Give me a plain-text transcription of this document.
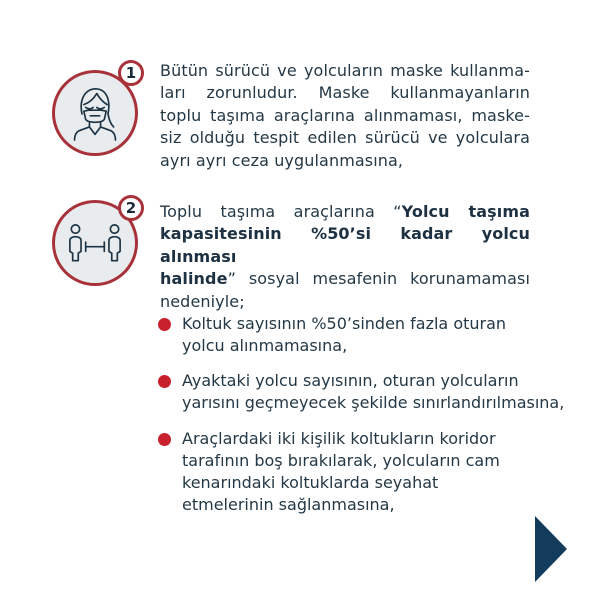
1	Bütün sürücü ve yolcuların maske kullanma-
ları zorunludur. Maske kullanmayanların
toplu taşıma araçlarına alınmaması, maske-
siz olduğu tespit edilen sürücü ve yolculara
ayrı ayrı ceza uygulanmasına,
2	Toplu taşıma araçlarına “Yolcu taşıma
kapasitesinin %50’si kadar yolcu alınması
halinde” sosyal mesafenin korunamaması
nedeniyle;
Koltuk sayısının %50’sinden fazla oturan
yolcu alınmamasına,
Ayaktaki yolcu sayısının, oturan yolcuların
yarısını geçmeyecek şekilde sınırlandırılmasına,
Araçlardaki iki kişilik koltukların koridor
tarafının boş bırakılarak, yolcuların cam
kenarındaki koltuklarda seyahat
etmelerinin sağlanmasına,
